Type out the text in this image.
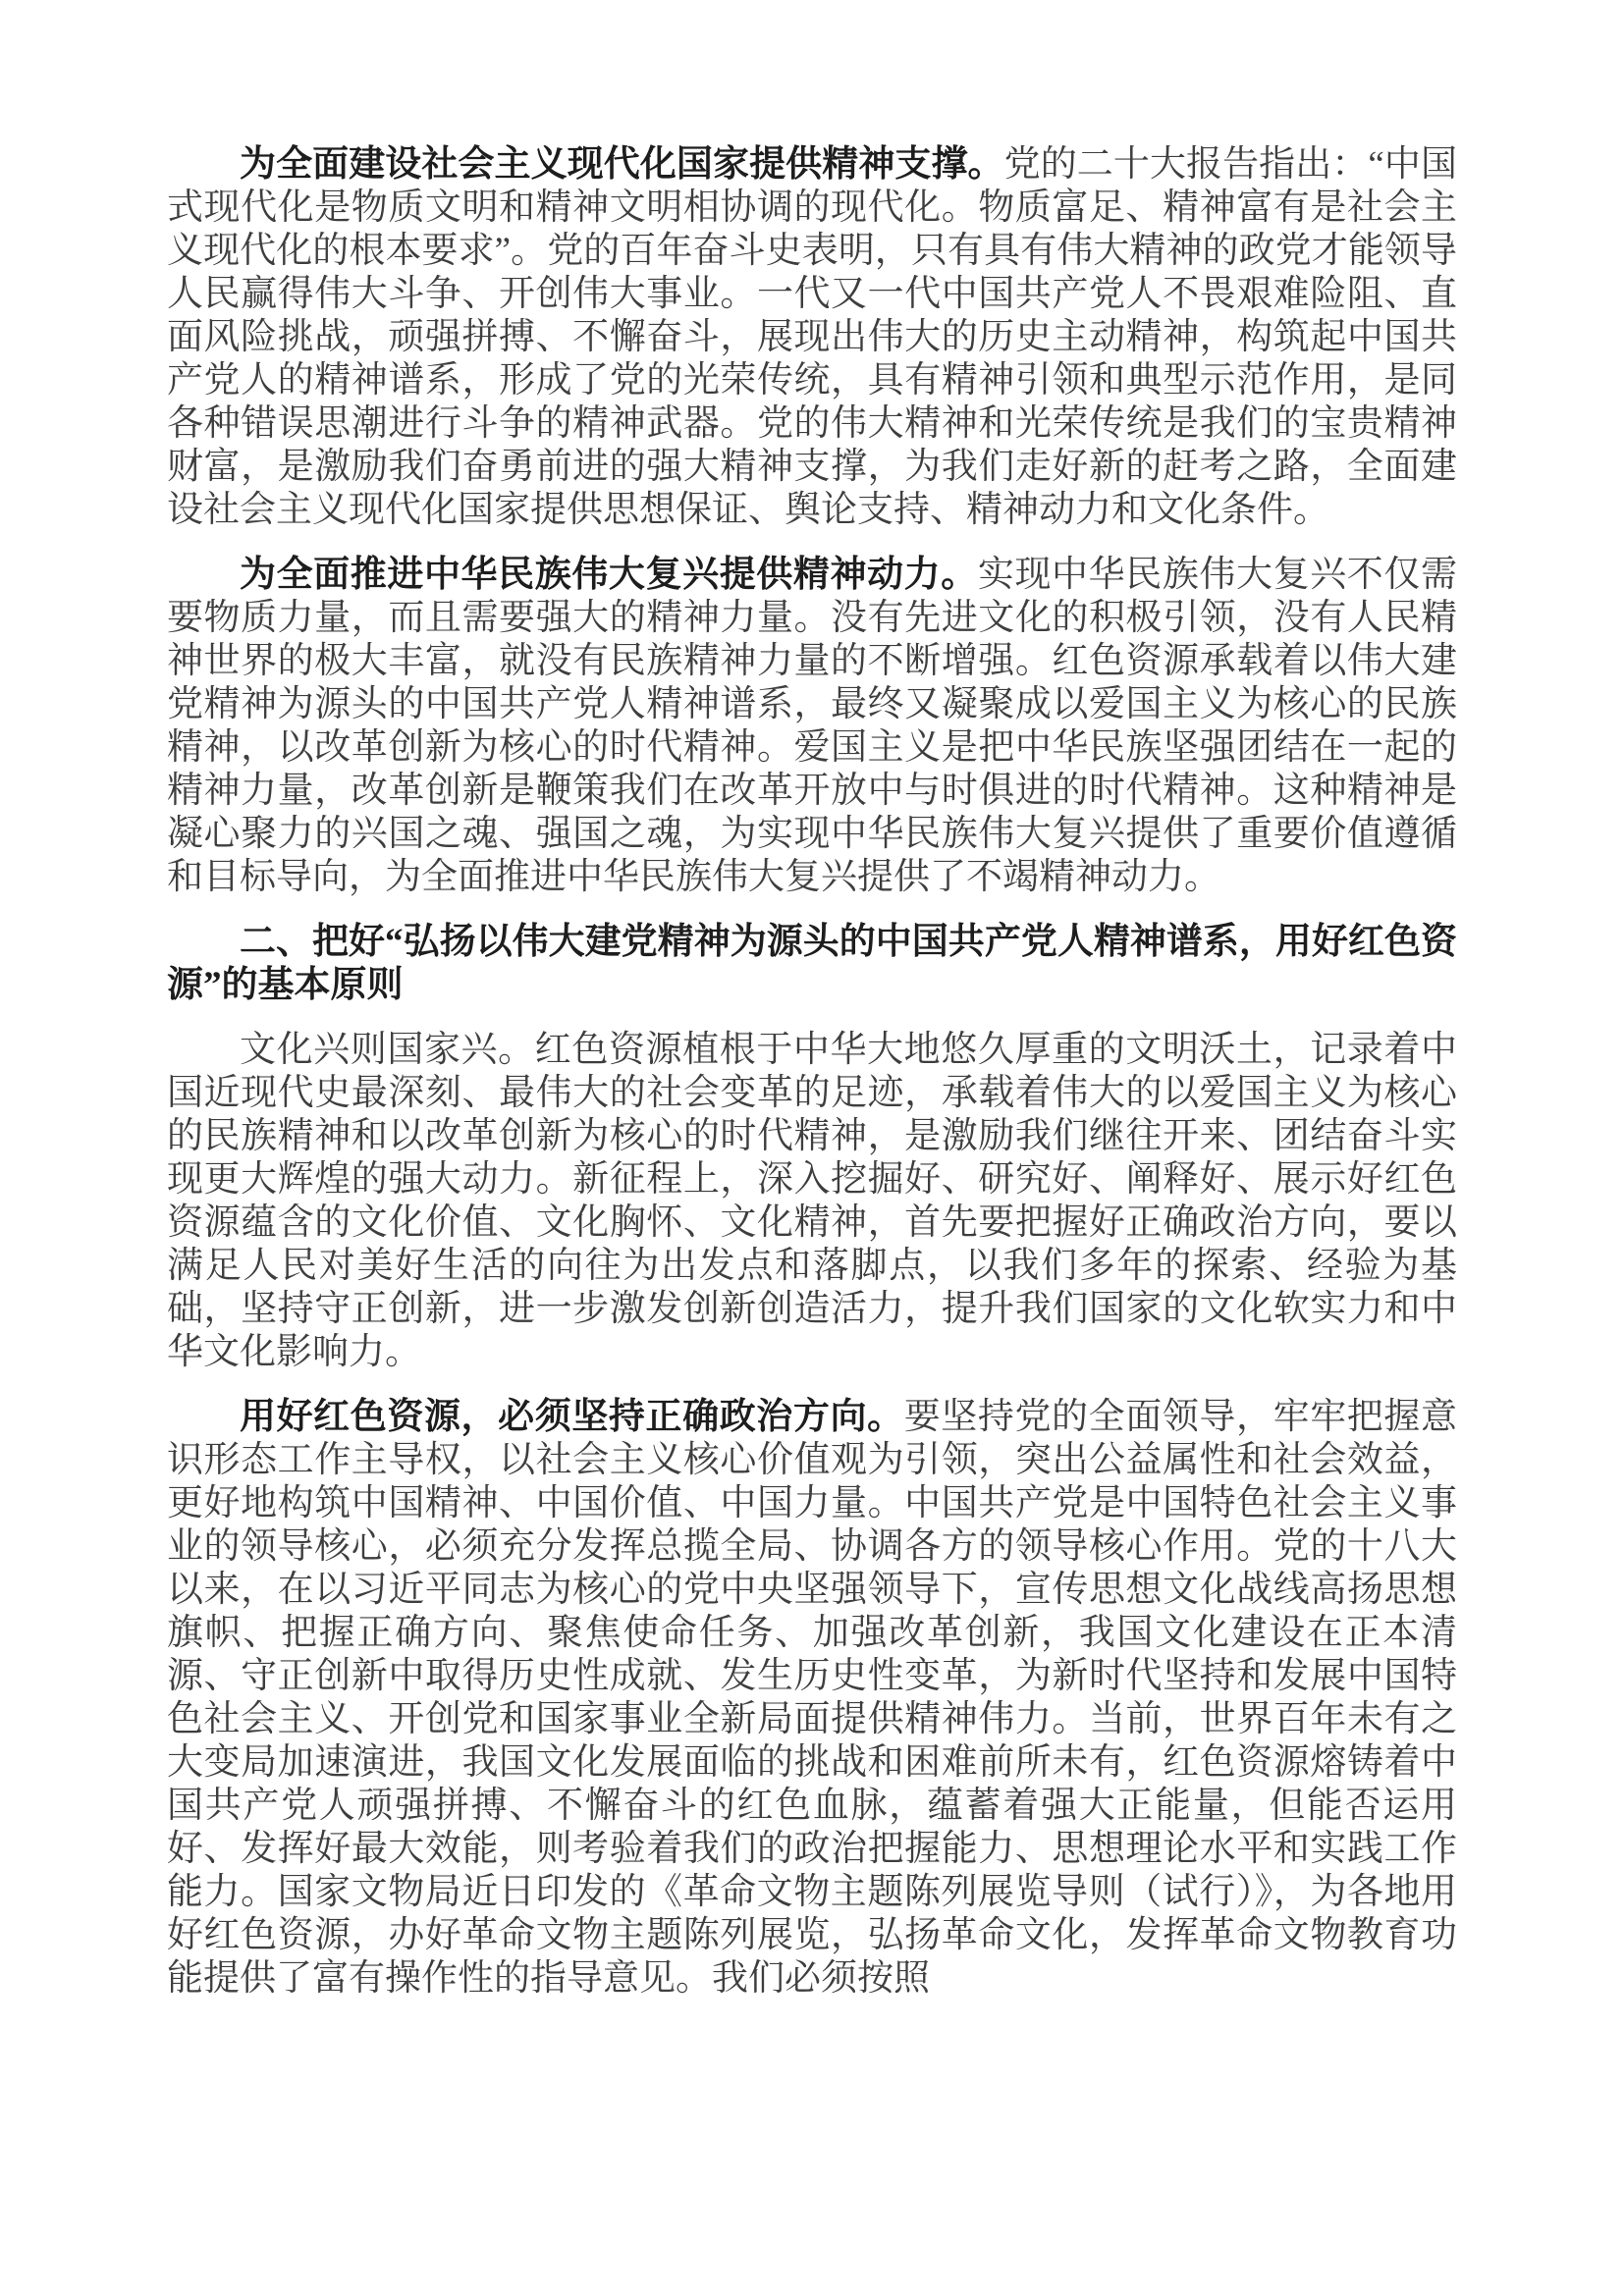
为全面建设社会主义现代化国家提供精神支撑。党的二十大报告指出：“中国式现代化是物质文明和精神文明相协调的现代化。物质富足、精神富有是社会主义现代化的根本要求”。党的百年奋斗史表明，只有具有伟大精神的政党才能领导人民赢得伟大斗争、开创伟大事业。一代又一代中国共产党人不畏艰难险阻、直面风险挑战，顽强拼搏、不懈奋斗，展现出伟大的历史主动精神，构筑起中国共产党人的精神谱系，形成了党的光荣传统，具有精神引领和典型示范作用，是同各种错误思潮进行斗争的精神武器。党的伟大精神和光荣传统是我们的宝贵精神财富，是激励我们奋勇前进的强大精神支撑，为我们走好新的赶考之路，全面建设社会主义现代化国家提供思想保证、舆论支持、精神动力和文化条件。

为全面推进中华民族伟大复兴提供精神动力。实现中华民族伟大复兴不仅需要物质力量，而且需要强大的精神力量。没有先进文化的积极引领，没有人民精神世界的极大丰富，就没有民族精神力量的不断增强。红色资源承载着以伟大建党精神为源头的中国共产党人精神谱系，最终又凝聚成以爱国主义为核心的民族精神，以改革创新为核心的时代精神。爱国主义是把中华民族坚强团结在一起的精神力量，改革创新是鞭策我们在改革开放中与时俱进的时代精神。这种精神是凝心聚力的兴国之魂、强国之魂，为实现中华民族伟大复兴提供了重要价值遵循和目标导向，为全面推进中华民族伟大复兴提供了不竭精神动力。

二、把好“弘扬以伟大建党精神为源头的中国共产党人精神谱系，用好红色资源”的基本原则

文化兴则国家兴。红色资源植根于中华大地悠久厚重的文明沃土，记录着中国近现代史最深刻、最伟大的社会变革的足迹，承载着伟大的以爱国主义为核心的民族精神和以改革创新为核心的时代精神，是激励我们继往开来、团结奋斗实现更大辉煌的强大动力。新征程上，深入挖掘好、研究好、阐释好、展示好红色资源蕴含的文化价值、文化胸怀、文化精神，首先要把握好正确政治方向，要以满足人民对美好生活的向往为出发点和落脚点，以我们多年的探索、经验为基础，坚持守正创新，进一步激发创新创造活力，提升我们国家的文化软实力和中华文化影响力。

用好红色资源，必须坚持正确政治方向。要坚持党的全面领导，牢牢把握意识形态工作主导权，以社会主义核心价值观为引领，突出公益属性和社会效益，更好地构筑中国精神、中国价值、中国力量。中国共产党是中国特色社会主义事业的领导核心，必须充分发挥总揽全局、协调各方的领导核心作用。党的十八大以来，在以习近平同志为核心的党中央坚强领导下，宣传思想文化战线高扬思想旗帜、把握正确方向、聚焦使命任务、加强改革创新，我国文化建设在正本清源、守正创新中取得历史性成就、发生历史性变革，为新时代坚持和发展中国特色社会主义、开创党和国家事业全新局面提供精神伟力。当前，世界百年未有之大变局加速演进，我国文化发展面临的挑战和困难前所未有，红色资源熔铸着中国共产党人顽强拼搏、不懈奋斗的红色血脉，蕴蓄着强大正能量，但能否运用好、发挥好最大效能，则考验着我们的政治把握能力、思想理论水平和实践工作能力。国家文物局近日印发的《革命文物主题陈列展览导则（试行）》，为各地用好红色资源，办好革命文物主题陈列展览，弘扬革命文化，发挥革命文物教育功能提供了富有操作性的指导意见。我们必须按照
